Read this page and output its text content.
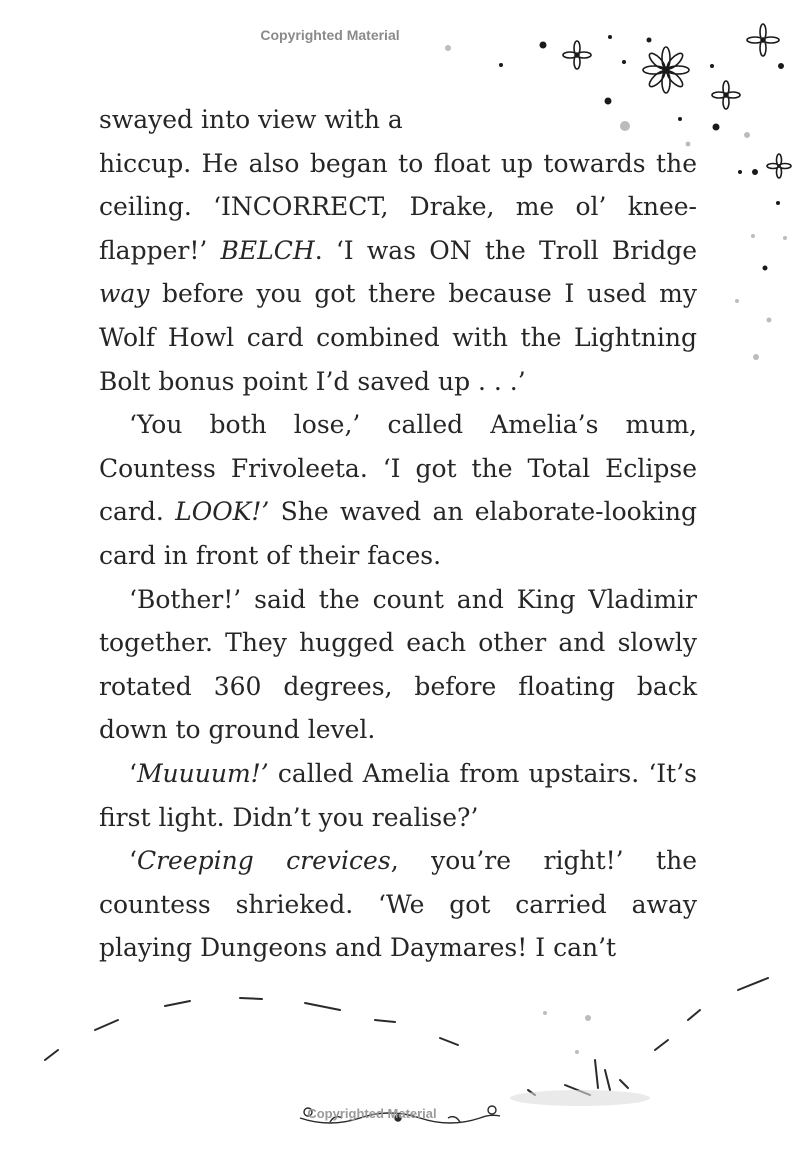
Copyrighted Material

swayed into view with a

hiccup. He also began to float up towards the ceiling. ‘INCORRECT, Drake, me ol’ knee-flapper!’ BELCH. ‘I was ON the Troll Bridge way before you got there because I used my Wolf Howl card combined with the Lightning Bolt bonus point I’d saved up . . .’

‘You both lose,’ called Amelia’s mum, Countess Frivoleeta. ‘I got the Total Eclipse card. LOOK!’ She waved an elaborate-looking card in front of their faces.

‘Bother!’ said the count and King Vladimir together. They hugged each other and slowly rotated 360 degrees, before floating back down to ground level.

‘Muuuum!’ called Amelia from upstairs. ‘It’s first light. Didn’t you realise?’

‘Creeping crevices, you’re right!’ the countess shrieked. ‘We got carried away playing Dungeons and Daymares! I can’t

Copyrighted Material
